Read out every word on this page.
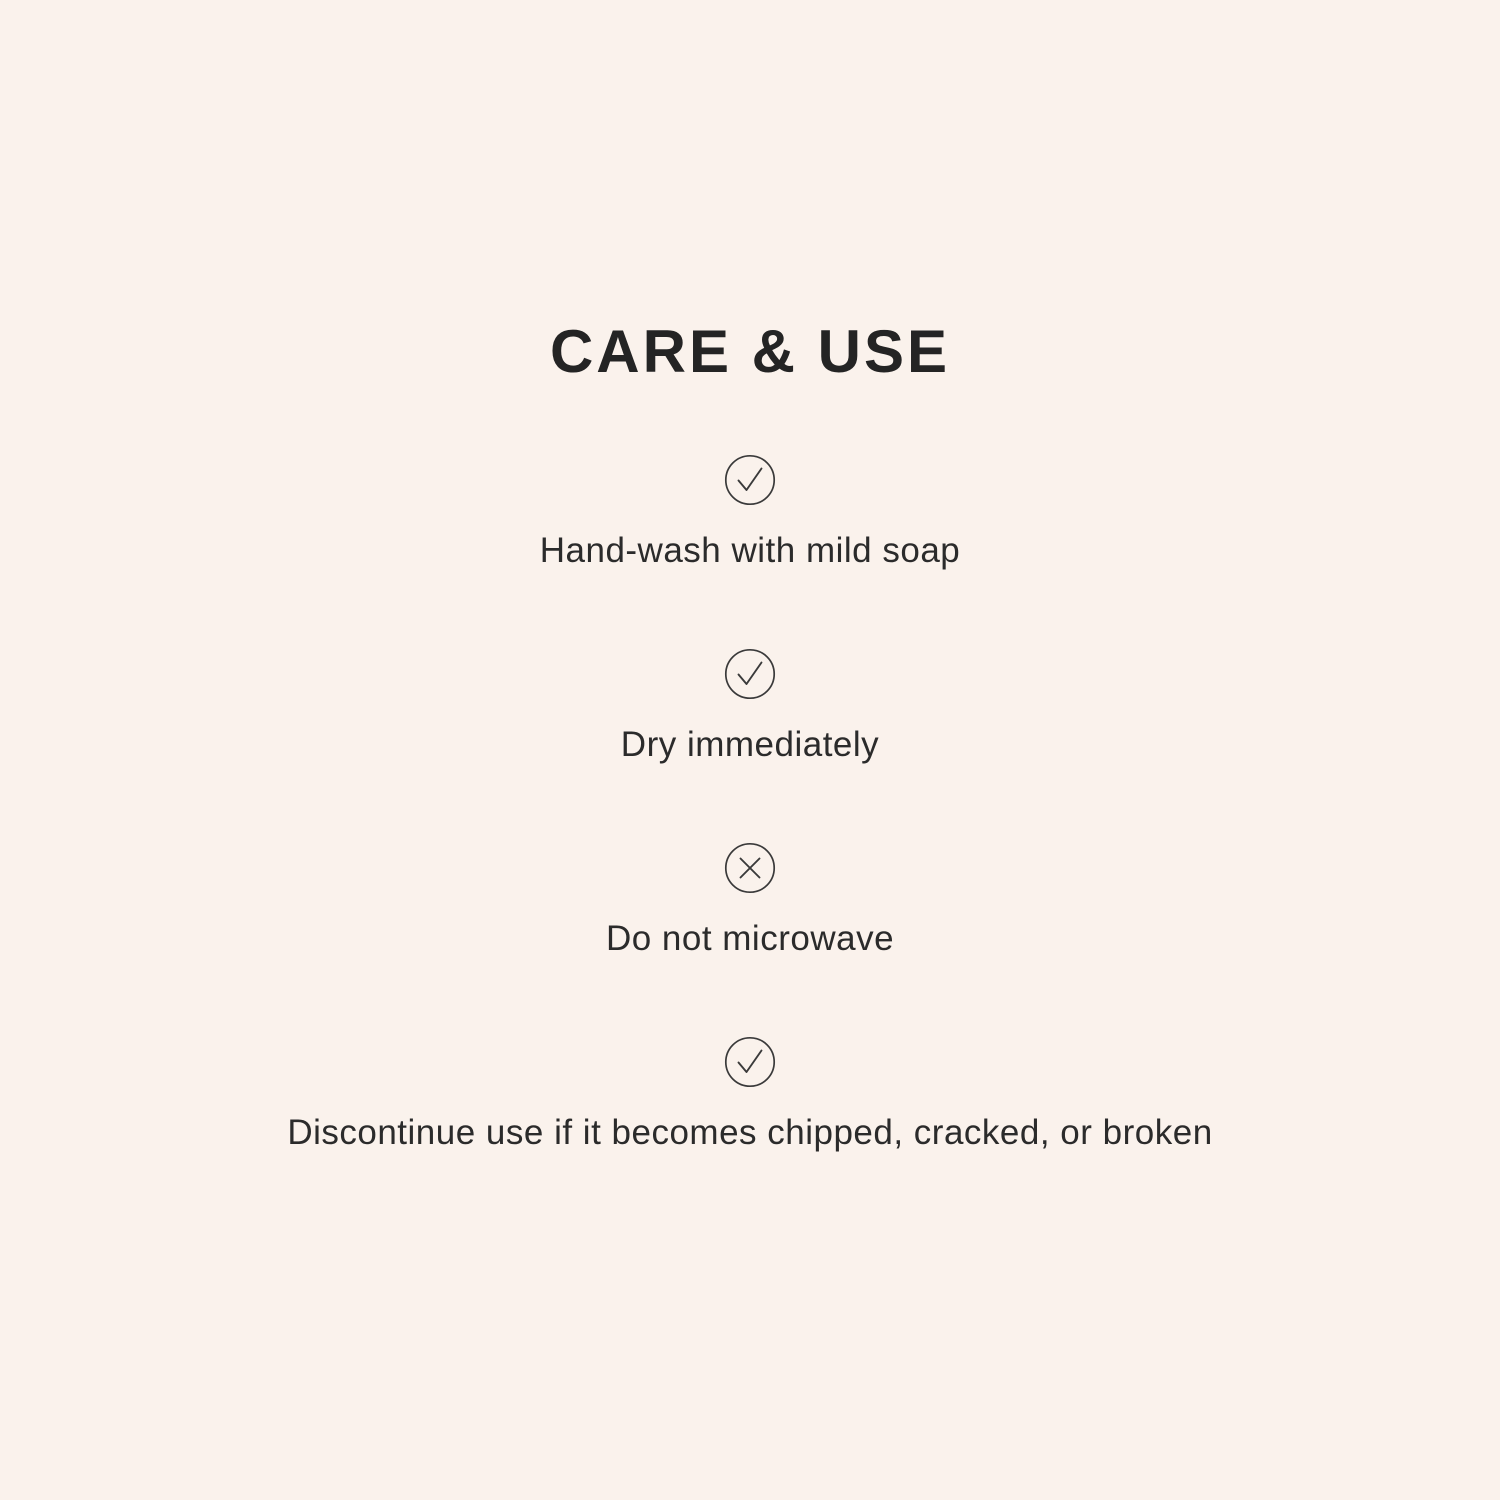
CARE & USE
Hand-wash with mild soap
Dry immediately
Do not microwave
Discontinue use if it becomes chipped, cracked, or broken
